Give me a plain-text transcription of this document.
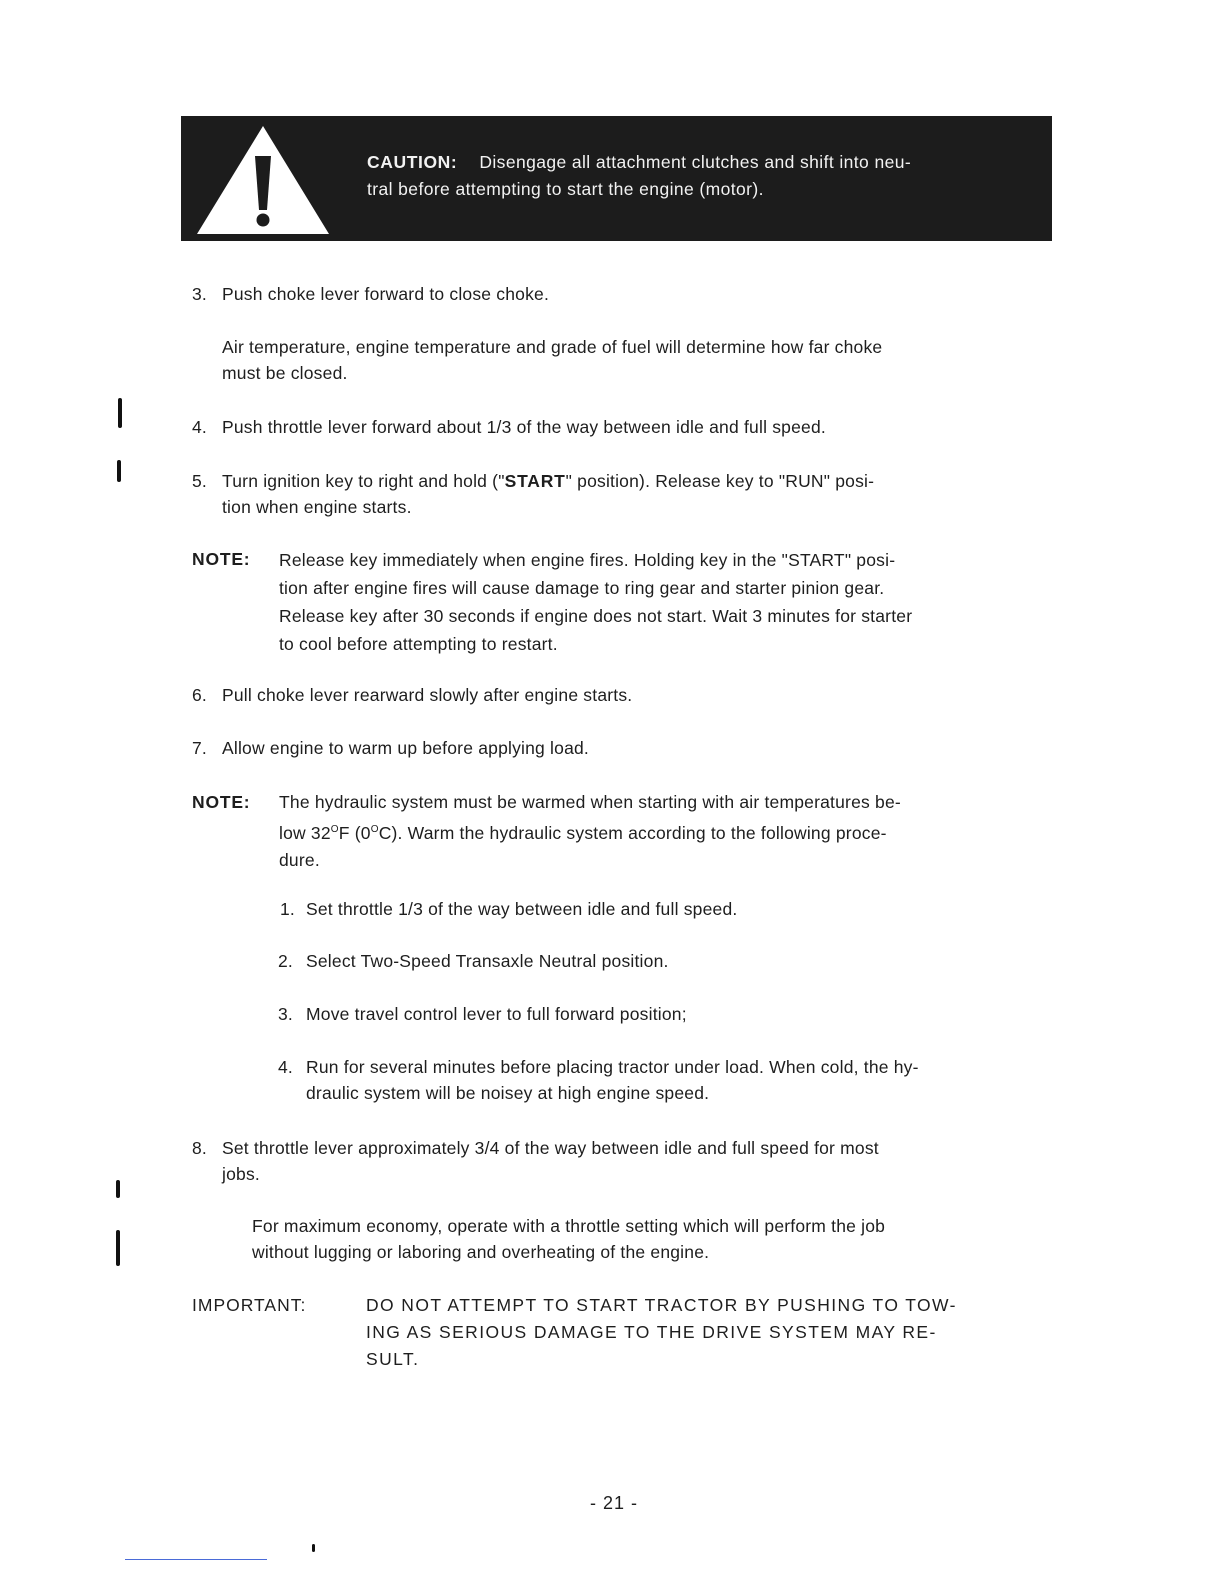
CAUTION: Disengage all attachment clutches and shift into neu-
tral before attempting to start the engine (motor).
3. Push choke lever forward to close choke.
Air temperature, engine temperature and grade of fuel will determine how far choke
must be closed.
4. Push throttle lever forward about 1/3 of the way between idle and full speed.
5. Turn ignition key to right and hold ("START" position). Release key to "RUN" posi-
tion when engine starts.
NOTE: Release key immediately when engine fires. Holding key in the "START" posi-
tion after engine fires will cause damage to ring gear and starter pinion gear.
Release key after 30 seconds if engine does not start. Wait 3 minutes for starter
to cool before attempting to restart.
6. Pull choke lever rearward slowly after engine starts.
7. Allow engine to warm up before applying load.
NOTE: The hydraulic system must be warmed when starting with air temperatures be-
low $32^OF$ $(0^OC)$. Warm the hydraulic system according to the following proce-
dure.
1. Set throttle 1/3 of the way between idle and full speed.
2. Select Two-Speed Transaxle Neutral position.
3. Move travel control lever to full forward position;
4. Run for several minutes before placing tractor under load. When cold, the hy-
draulic system will be noisey at high engine speed.
8. Set throttle lever approximately 3/4 of the way between idle and full speed for most
jobs.
For maximum economy, operate with a throttle setting which will perform the job
without lugging or laboring and overheating of the engine.
IMPORTANT:	DO NOT ATTEMPT TO START TRACTOR BY PUSHING TO TOW-
ING AS SERIOUS DAMAGE TO THE DRIVE SYSTEM MAY RE-
SULT.
- 21 -
